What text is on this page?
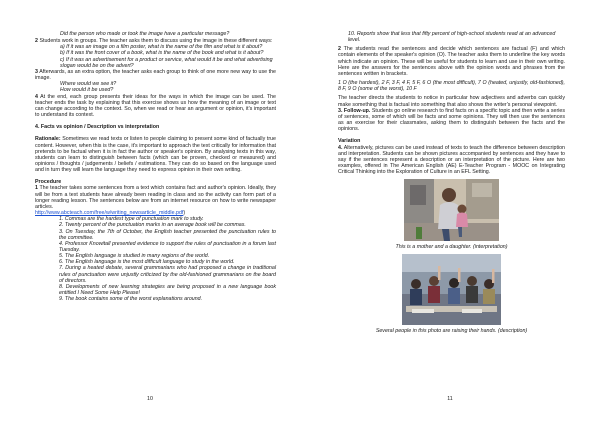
Did the person who made or took the image have a particular message?

2 Students work in groups. The teacher asks them to discuss using the image in these different ways:

a) If it was an image on a film poster, what is the name of the film and what is it about?

b) If it was the front cover of a book, what is the name of the book and what is it about?

c) If it was an advertisement for a product or service, what would it be and what advertising slogan would be on the advert?

3 Afterwards, as an extra option, the teacher asks each group to think of one more new way to use the image.

Where would we see it?

How would it be used?

4 At the end, each group presents their ideas for the ways in which the image can be used. The teacher ends the task by explaining that this exercise shows us how the meaning of an image or text can change according to the context. So, when we read or hear an argument or opinion, it's important to understand its context.

4. Facts vs opinion / Description vs interpretation

Rationale: Sometimes we read texts or listen to people claiming to present some kind of factually true content. However, when this is the case, it's important to approach the text critically for information that pretends to be factual when it is in fact the author or speaker's opinion. By analysing texts in this way, students can learn to distinguish between facts (which can be proven, checked or measured) and opinions / thoughts / judgements / beliefs / estimations. They can do so based on the language used and in turn they will learn the language they need to express opinion in their own writing.

Procedure

1 The teacher takes some sentences from a text which contains fact and author's opinion. Ideally, they will be from a text students have already been reading in class and so the activity can form part of a longer reading lesson. The sentences below are from an internet resource on how to write newspaper articles.

http://www.abcteach.com/free/w/writing_newsarticle_middle.pdf)

1. Commas are the hardest type of punctuation mark to study.

2. Twenty percent of the punctuation marks in an average book will be commas.

3. On Tuesday, the 7th of October, the English teacher presented the punctuation rules to the committee.

4. Professor Knowitall presented evidence to support the rules of punctuation in a forum last Tuesday.

5. The English language is studied in many regions of the world.

6. The English language is the most difficult language to study in the world.

7. During a heated debate, several grammarians who had proposed a change in traditional rules of punctuation were unjustly criticized by the old-fashioned grammarians on the board of directors.

8. Developments of new learning strategies are being proposed in a new language book entitled I Need Some Help Please!

9. The book contains some of the worst explanations around.

10

10. Reports show that less that fifty percent of high-school students read at an advanced level.

2 The students read the sentences and decide which sentences are factual (F) and which contain elements of the speaker's opinion (O). The teacher asks them to underline the key words which indicate an opinion. These will be useful for students to learn and use in their own writing. Here are the answers for the sentences above with the opinion words and phrases from the sentences written in brackets.

1 O (the hardest), 2 F, 3 F, 4 F, 5 F, 6 O (the most difficult), 7 O (heated, unjustly, old-fashioned), 8 F, 9 O (some of the worst), 10 F

The teacher directs the students to notice in particular how adjectives and adverbs can quickly make something that is factual into something that also shows the writer's personal viewpoint.

3. Follow-up. Students go online research to find facts on a specific topic and then write a series of sentences, some of which will be facts and some opinions. They will then use the sentences as an exercise for their classmates, asking them to distinguish between the facts and the opinions.

Variation

4. Alternatively, pictures can be used instead of texts to teach the difference between description and interpretation. Students can be shown pictures accompanied by sentences and they have to say if the sentences represent a description or an interpretation of the picture. Here are two examples, offered in The American English (AE) E-Teacher Program - MOOC on Integrating Critical Thinking into the Exploration of Culture in an EFL Setting.

This is a mother and a daughter. (interpretation)

Several people in this photo are raising their hands. (description)

11
